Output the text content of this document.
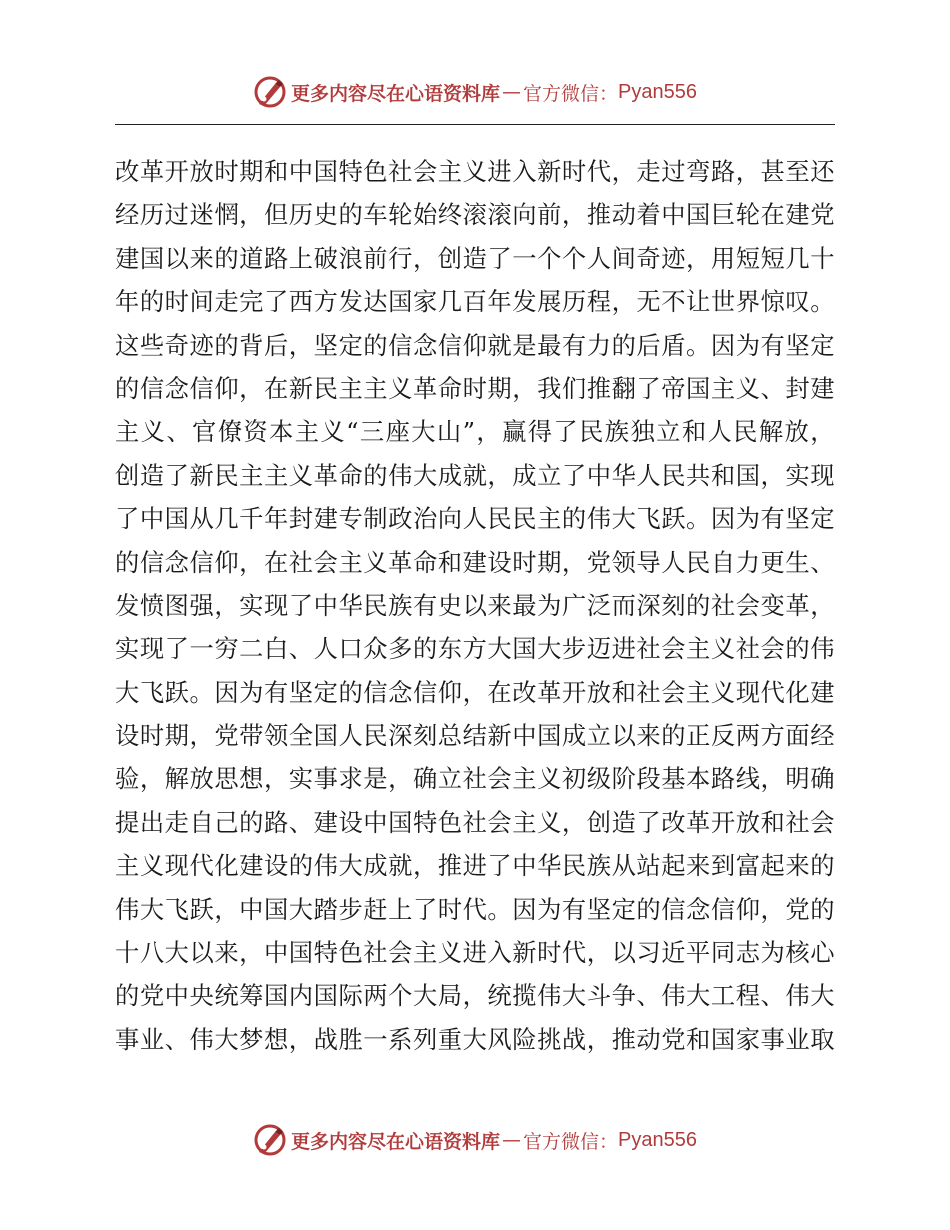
更多内容尽在心语资料库 — 官方微信： Pyan556
改革开放时期和中国特色社会主义进入新时代，走过弯路，甚至还
经历过迷惘，但历史的车轮始终滚滚向前，推动着中国巨轮在建党
建国以来的道路上破浪前行，创造了一个个人间奇迹，用短短几十
年的时间走完了西方发达国家几百年发展历程，无不让世界惊叹。
这些奇迹的背后，坚定的信念信仰就是最有力的后盾。因为有坚定
的信念信仰，在新民主主义革命时期，我们推翻了帝国主义、封建
主义、官僚资本主义“三座大山”，赢得了民族独立和人民解放，
创造了新民主主义革命的伟大成就，成立了中华人民共和国，实现
了中国从几千年封建专制政治向人民民主的伟大飞跃。因为有坚定
的信念信仰，在社会主义革命和建设时期，党领导人民自力更生、
发愤图强，实现了中华民族有史以来最为广泛而深刻的社会变革，
实现了一穷二白、人口众多的东方大国大步迈进社会主义社会的伟
大飞跃。因为有坚定的信念信仰，在改革开放和社会主义现代化建
设时期，党带领全国人民深刻总结新中国成立以来的正反两方面经
验，解放思想，实事求是，确立社会主义初级阶段基本路线，明确
提出走自己的路、建设中国特色社会主义，创造了改革开放和社会
主义现代化建设的伟大成就，推进了中华民族从站起来到富起来的
伟大飞跃，中国大踏步赶上了时代。因为有坚定的信念信仰，党的
十八大以来，中国特色社会主义进入新时代，以习近平同志为核心
的党中央统筹国内国际两个大局，统揽伟大斗争、伟大工程、伟大
事业、伟大梦想，战胜一系列重大风险挑战，推动党和国家事业取
更多内容尽在心语资料库 — 官方微信： Pyan556
